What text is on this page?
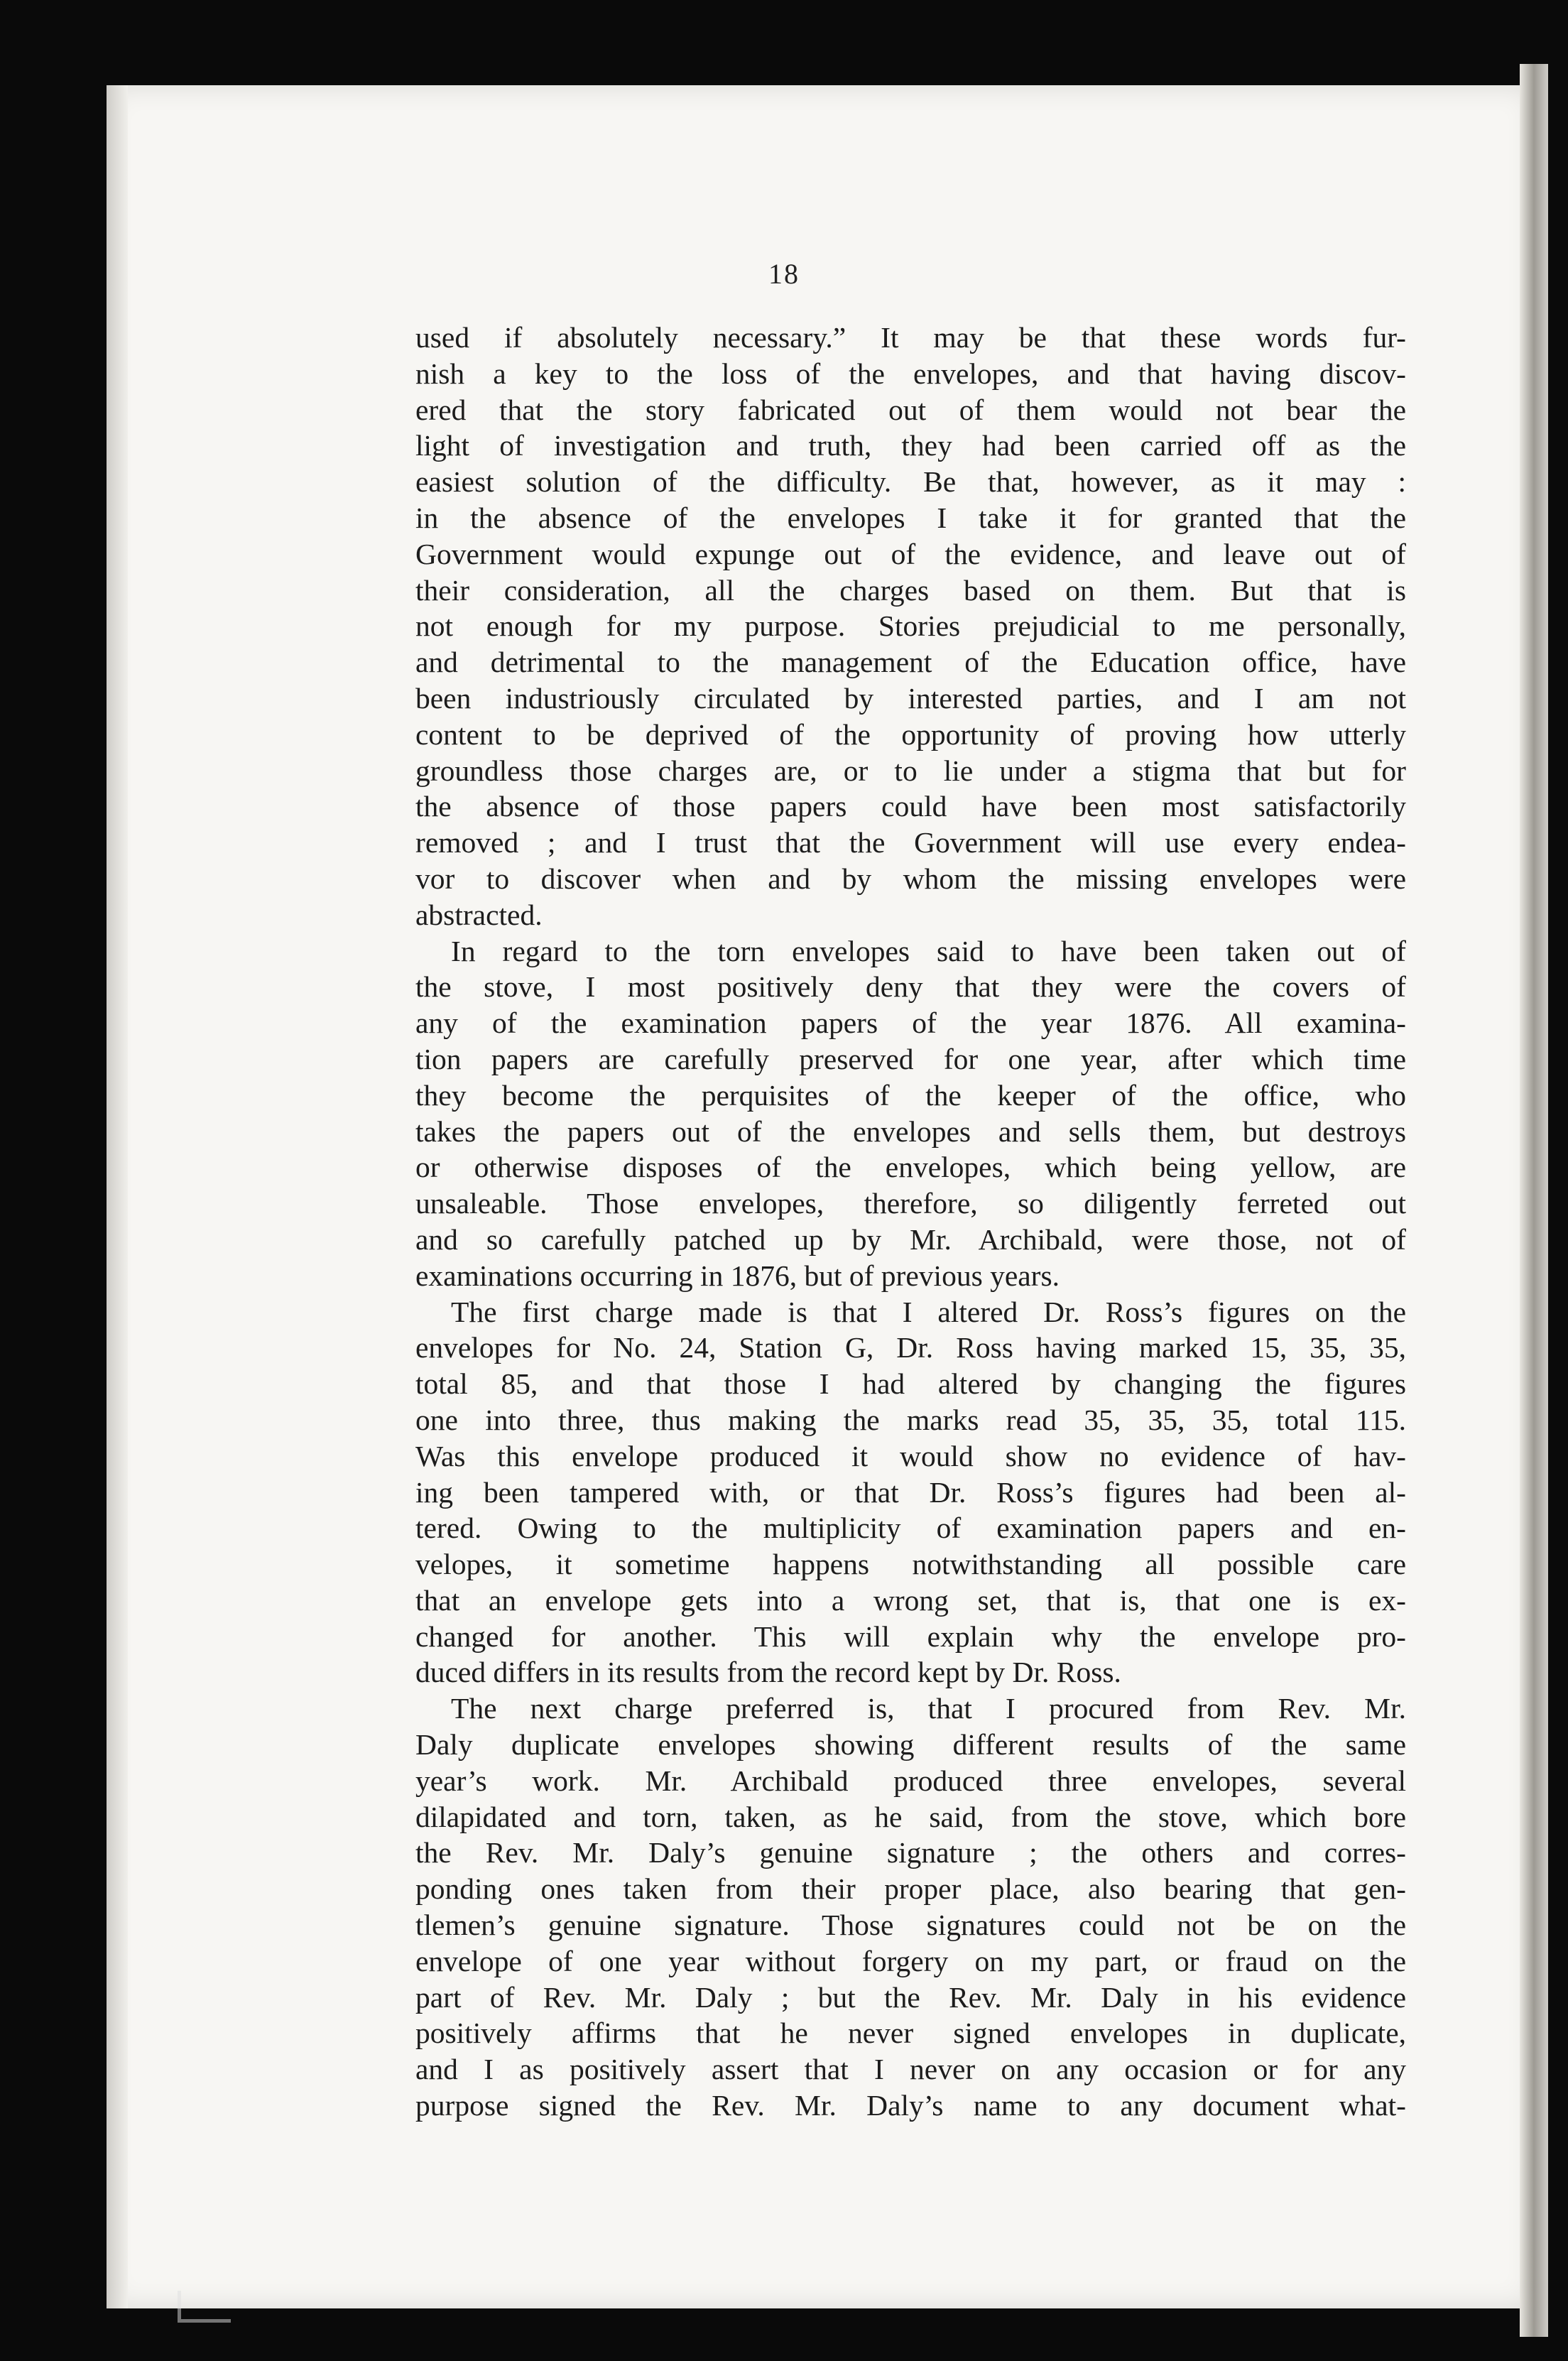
18
used if absolutely necessary.” It may be that these words fur-
nish a key to the loss of the envelopes, and that having discov-
ered that the story fabricated out of them would not bear the
light of investigation and truth, they had been carried off as the
easiest solution of the difficulty. Be that, however, as it may :
in the absence of the envelopes I take it for granted that the
Government would expunge out of the evidence, and leave out of
their consideration, all the charges based on them. But that is
not enough for my purpose. Stories prejudicial to me personally,
and detrimental to the management of the Education office, have
been industriously circulated by interested parties, and I am not
content to be deprived of the opportunity of proving how utterly
groundless those charges are, or to lie under a stigma that but for
the absence of those papers could have been most satisfactorily
removed ; and I trust that the Government will use every endea-
vor to discover when and by whom the missing envelopes were
abstracted.
In regard to the torn envelopes said to have been taken out of
the stove, I most positively deny that they were the covers of
any of the examination papers of the year 1876. All examina-
tion papers are carefully preserved for one year, after which time
they become the perquisites of the keeper of the office, who
takes the papers out of the envelopes and sells them, but destroys
or otherwise disposes of the envelopes, which being yellow, are
unsaleable. Those envelopes, therefore, so diligently ferreted out
and so carefully patched up by Mr. Archibald, were those, not of
examinations occurring in 1876, but of previous years.
The first charge made is that I altered Dr. Ross’s figures on the
envelopes for No. 24, Station G, Dr. Ross having marked 15, 35, 35,
total 85, and that those I had altered by changing the figures
one into three, thus making the marks read 35, 35, 35, total 115.
Was this envelope produced it would show no evidence of hav-
ing been tampered with, or that Dr. Ross’s figures had been al-
tered. Owing to the multiplicity of examination papers and en-
velopes, it sometime happens notwithstanding all possible care
that an envelope gets into a wrong set, that is, that one is ex-
changed for another. This will explain why the envelope pro-
duced differs in its results from the record kept by Dr. Ross.
The next charge preferred is, that I procured from Rev. Mr.
Daly duplicate envelopes showing different results of the same
year’s work. Mr. Archibald produced three envelopes, several
dilapidated and torn, taken, as he said, from the stove, which bore
the Rev. Mr. Daly’s genuine signature ; the others and corres-
ponding ones taken from their proper place, also bearing that gen-
tlemen’s genuine signature. Those signatures could not be on the
envelope of one year without forgery on my part, or fraud on the
part of Rev. Mr. Daly ; but the Rev. Mr. Daly in his evidence
positively affirms that he never signed envelopes in duplicate,
and I as positively assert that I never on any occasion or for any
purpose signed the Rev. Mr. Daly’s name to any document what-
